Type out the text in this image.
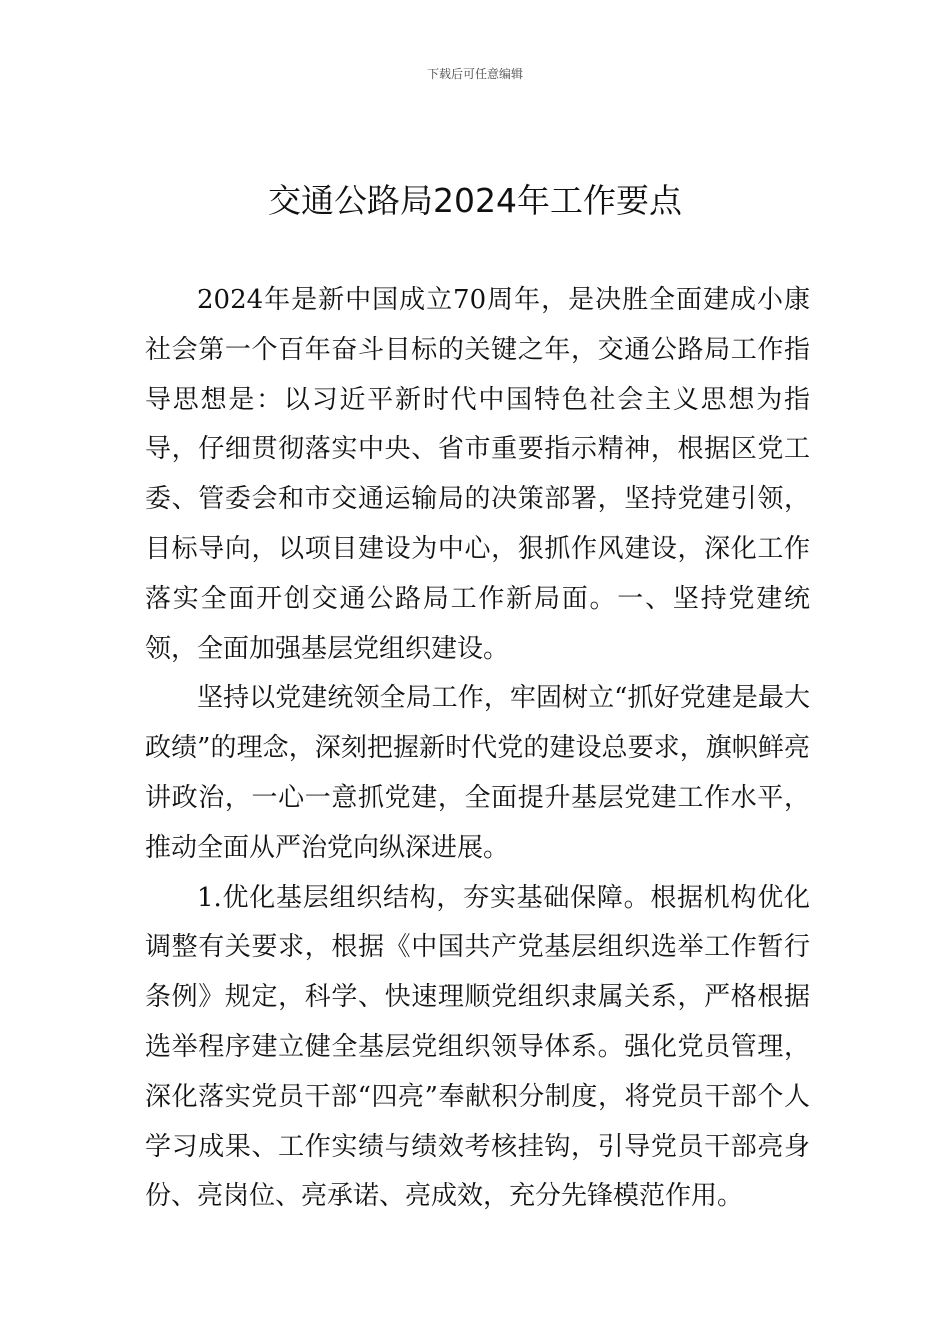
下载后可任意编辑
交通公路局2024年工作要点

2024年是新中国成立70周年，是决胜全面建成小康社会第一个百年奋斗目标的关键之年，交通公路局工作指导思想是：以习近平新时代中国特色社会主义思想为指导，仔细贯彻落实中央、省市重要指示精神，根据区党工委、管委会和市交通运输局的决策部署，坚持党建引领，目标导向，以项目建设为中心，狠抓作风建设，深化工作落实全面开创交通公路局工作新局面。一、坚持党建统领，全面加强基层党组织建设。

坚持以党建统领全局工作，牢固树立“抓好党建是最大政绩”的理念，深刻把握新时代党的建设总要求，旗帜鲜亮讲政治，一心一意抓党建，全面提升基层党建工作水平，推动全面从严治党向纵深进展。

1.优化基层组织结构，夯实基础保障。根据机构优化调整有关要求，根据《中国共产党基层组织选举工作暂行条例》规定，科学、快速理顺党组织隶属关系，严格根据选举程序建立健全基层党组织领导体系。强化党员管理，深化落实党员干部“四亮”奉献积分制度，将党员干部个人学习成果、工作实绩与绩效考核挂钩，引导党员干部亮身份、亮岗位、亮承诺、亮成效，充分先锋模范作用。
